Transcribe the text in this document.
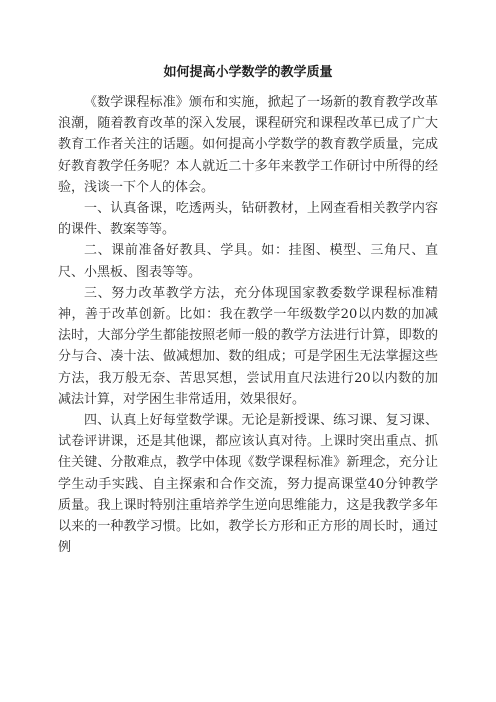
如何提高小学数学的教学质量

《数学课程标准》颁布和实施，掀起了一场新的教育教学改革浪潮，随着教育改革的深入发展，课程研究和课程改革已成了广大教育工作者关注的话题。如何提高小学数学的教育教学质量，完成好教育教学任务呢？本人就近二十多年来教学工作研讨中所得的经验，浅谈一下个人的体会。

一、认真备课，吃透两头，钻研教材，上网查看相关教学内容的课件、教案等等。

二、课前准备好教具、学具。如：挂图、模型、三角尺、直尺、小黑板、图表等等。

三、努力改革教学方法，充分体现国家教委数学课程标准精神，善于改革创新。比如：我在教学一年级数学20以内数的加减法时，大部分学生都能按照老师一般的教学方法进行计算，即数的分与合、凑十法、做减想加、数的组成；可是学困生无法掌握这些方法，我万般无奈、苦思冥想，尝试用直尺法进行20以内数的加减法计算，对学困生非常适用，效果很好。

四、认真上好每堂数学课。无论是新授课、练习课、复习课、试卷评讲课，还是其他课，都应该认真对待。上课时突出重点、抓住关键、分散难点，教学中体现《数学课程标准》新理念，充分让学生动手实践、自主探索和合作交流，努力提高课堂40分钟教学质量。我上课时特别注重培养学生逆向思维能力，这是我教学多年以来的一种教学习惯。比如，教学长方形和正方形的周长时，通过例
